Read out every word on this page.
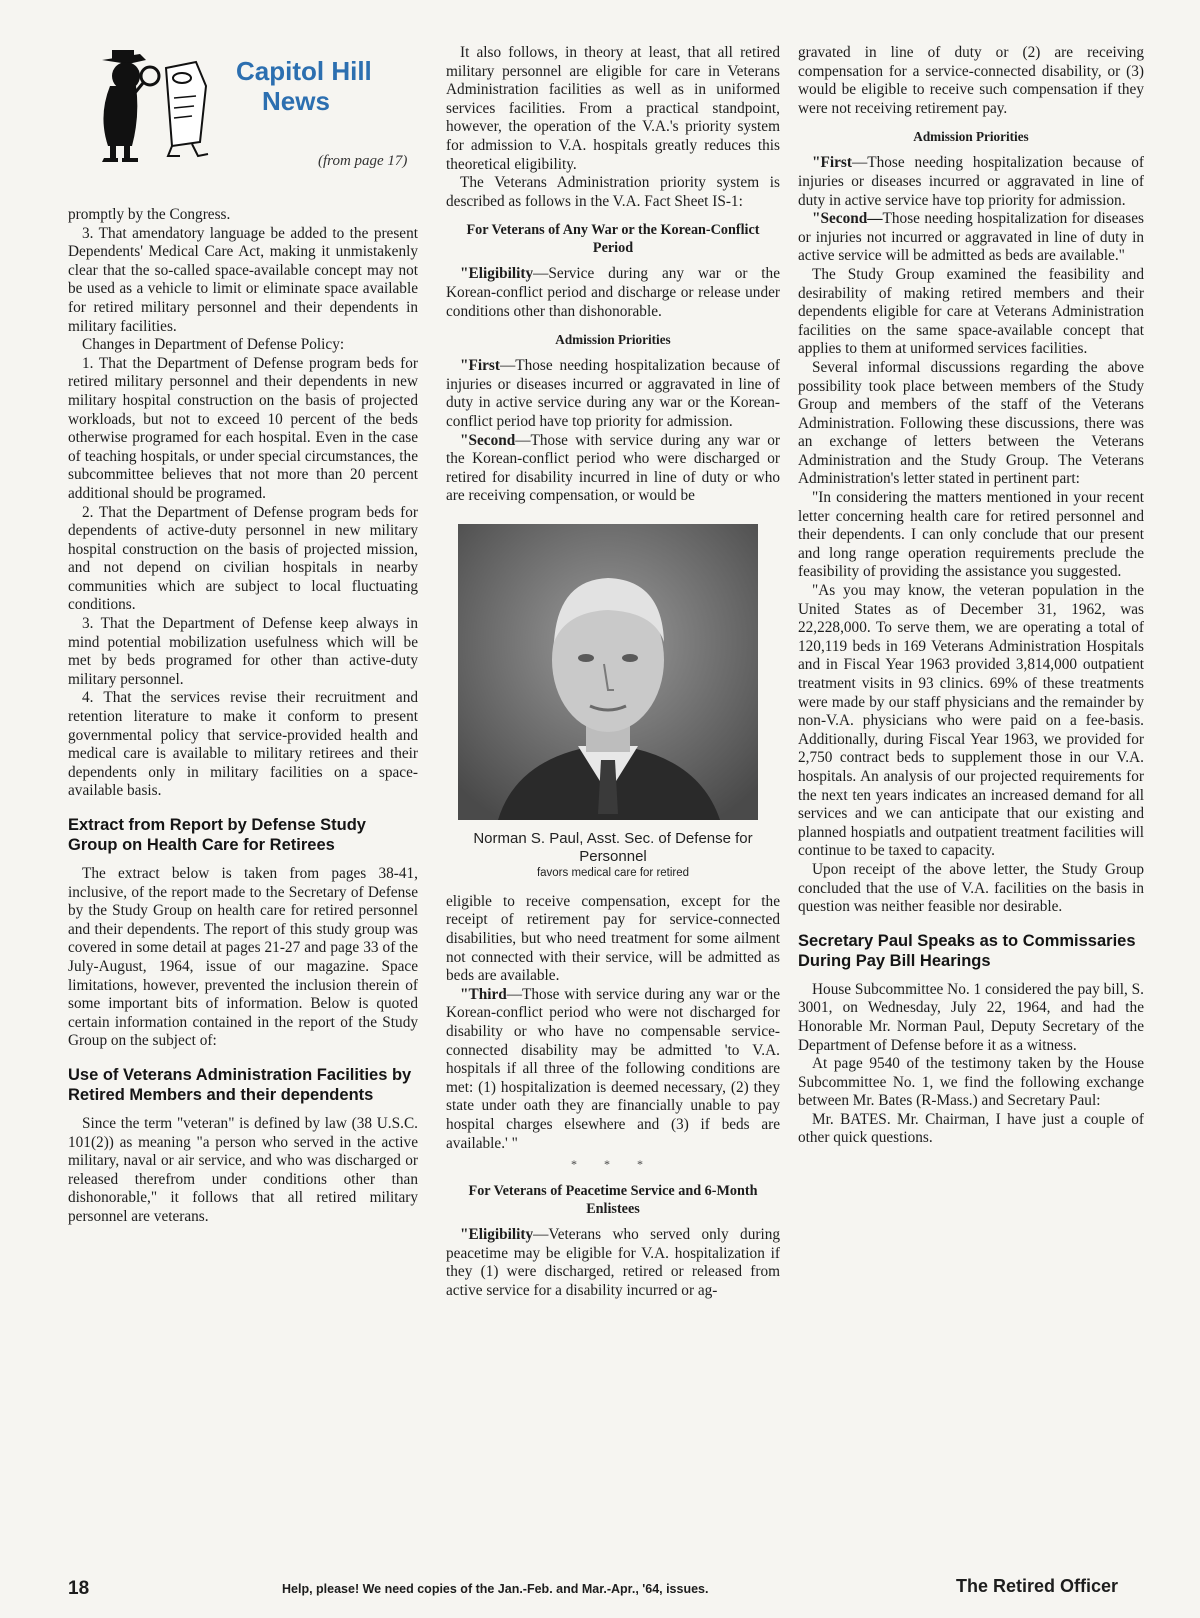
Capitol Hill
News
(from page 17)

promptly by the Congress.

3. That amendatory language be added to the present Dependents' Medical Care Act, making it unmistakenly clear that the so-called space-available concept may not be used as a vehicle to limit or eliminate space available for retired military personnel and their dependents in military facilities.

Changes in Department of Defense Policy:

1. That the Department of Defense program beds for retired military personnel and their dependents in new military hospital construction on the basis of projected workloads, but not to exceed 10 percent of the beds otherwise programed for each hospital. Even in the case of teaching hospitals, or under special circumstances, the subcommittee believes that not more than 20 percent additional should be programed.

2. That the Department of Defense program beds for dependents of active-duty personnel in new military hospital construction on the basis of projected mission, and not depend on civilian hospitals in nearby communities which are subject to local fluctuating conditions.

3. That the Department of Defense keep always in mind potential mobilization usefulness which will be met by beds programed for other than active-duty military personnel.

4. That the services revise their recruitment and retention literature to make it conform to present governmental policy that service-provided health and medical care is available to military retirees and their dependents only in military facilities on a space-available basis.

Extract from Report by Defense Study Group on Health Care for Retirees

The extract below is taken from pages 38-41, inclusive, of the report made to the Secretary of Defense by the Study Group on health care for retired personnel and their dependents. The report of this study group was covered in some detail at pages 21-27 and page 33 of the July-August, 1964, issue of our magazine. Space limitations, however, prevented the inclusion therein of some important bits of information. Below is quoted certain information contained in the report of the Study Group on the subject of:

Use of Veterans Administration Facilities by Retired Members and their dependents

Since the term "veteran" is defined by law (38 U.S.C. 101(2)) as meaning "a person who served in the active military, naval or air service, and who was discharged or released therefrom under conditions other than dishonorable," it follows that all retired military personnel are veterans.

It also follows, in theory at least, that all retired military personnel are eligible for care in Veterans Administration facilities as well as in uniformed services facilities. From a practical standpoint, however, the operation of the V.A.'s priority system for admission to V.A. hospitals greatly reduces this theoretical eligibility.

The Veterans Administration priority system is described as follows in the V.A. Fact Sheet IS-1:

For Veterans of Any War or the Korean-Conflict Period

"Eligibility—Service during any war or the Korean-conflict period and discharge or release under conditions other than dishonorable.

Admission Priorities

"First—Those needing hospitalization because of injuries or diseases incurred or aggravated in line of duty in active service during any war or the Korean-conflict period have top priority for admission.

"Second—Those with service during any war or the Korean-conflict period who were discharged or retired for disability incurred in line of duty or who are receiving compensation, or would be

Norman S. Paul, Asst. Sec. of Defense for Personnel
favors medical care for retired

eligible to receive compensation, except for the receipt of retirement pay for service-connected disabilities, but who need treatment for some ailment not connected with their service, will be admitted as beds are available.

"Third—Those with service during any war or the Korean-conflict period who were not discharged for disability or who have no compensable service-connected disability may be admitted 'to V.A. hospitals if all three of the following conditions are met: (1) hospitalization is deemed necessary, (2) they state under oath they are financially unable to pay hospital charges elsewhere and (3) if beds are available.' "

* * *
For Veterans of Peacetime Service and 6-Month Enlistees

"Eligibility—Veterans who served only during peacetime may be eligible for V.A. hospitalization if they (1) were discharged, retired or released from active service for a disability incurred or ag-

gravated in line of duty or (2) are receiving compensation for a service-connected disability, or (3) would be eligible to receive such compensation if they were not receiving retirement pay.

Admission Priorities

"First—Those needing hospitalization because of injuries or diseases incurred or aggravated in line of duty in active service have top priority for admission.

"Second—Those needing hospitalization for diseases or injuries not incurred or aggravated in line of duty in active service will be admitted as beds are available."

The Study Group examined the feasibility and desirability of making retired members and their dependents eligible for care at Veterans Administration facilities on the same space-available concept that applies to them at uniformed services facilities.

Several informal discussions regarding the above possibility took place between members of the Study Group and members of the staff of the Veterans Administration. Following these discussions, there was an exchange of letters between the Veterans Administration and the Study Group. The Veterans Administration's letter stated in pertinent part:

"In considering the matters mentioned in your recent letter concerning health care for retired personnel and their dependents. I can only conclude that our present and long range operation requirements preclude the feasibility of providing the assistance you suggested.

"As you may know, the veteran population in the United States as of December 31, 1962, was 22,228,000. To serve them, we are operating a total of 120,119 beds in 169 Veterans Administration Hospitals and in Fiscal Year 1963 provided 3,814,000 outpatient treatment visits in 93 clinics. 69% of these treatments were made by our staff physicians and the remainder by non-V.A. physicians who were paid on a fee-basis. Additionally, during Fiscal Year 1963, we provided for 2,750 contract beds to supplement those in our V.A. hospitals. An analysis of our projected requirements for the next ten years indicates an increased demand for all services and we can anticipate that our existing and planned hospiatls and outpatient treatment facilities will continue to be taxed to capacity.

Upon receipt of the above letter, the Study Group concluded that the use of V.A. facilities on the basis in question was neither feasible nor desirable.

Secretary Paul Speaks as to Commissaries During Pay Bill Hearings

House Subcommittee No. 1 considered the pay bill, S. 3001, on Wednesday, July 22, 1964, and had the Honorable Mr. Norman Paul, Deputy Secretary of the Department of Defense before it as a witness.

At page 9540 of the testimony taken by the House Subcommittee No. 1, we find the following exchange between Mr. Bates (R-Mass.) and Secretary Paul:

Mr. BATES. Mr. Chairman, I have just a couple of other quick questions.

18	Help, please! We need copies of the Jan.-Feb. and Mar.-Apr., '64, issues.	The Retired Officer
